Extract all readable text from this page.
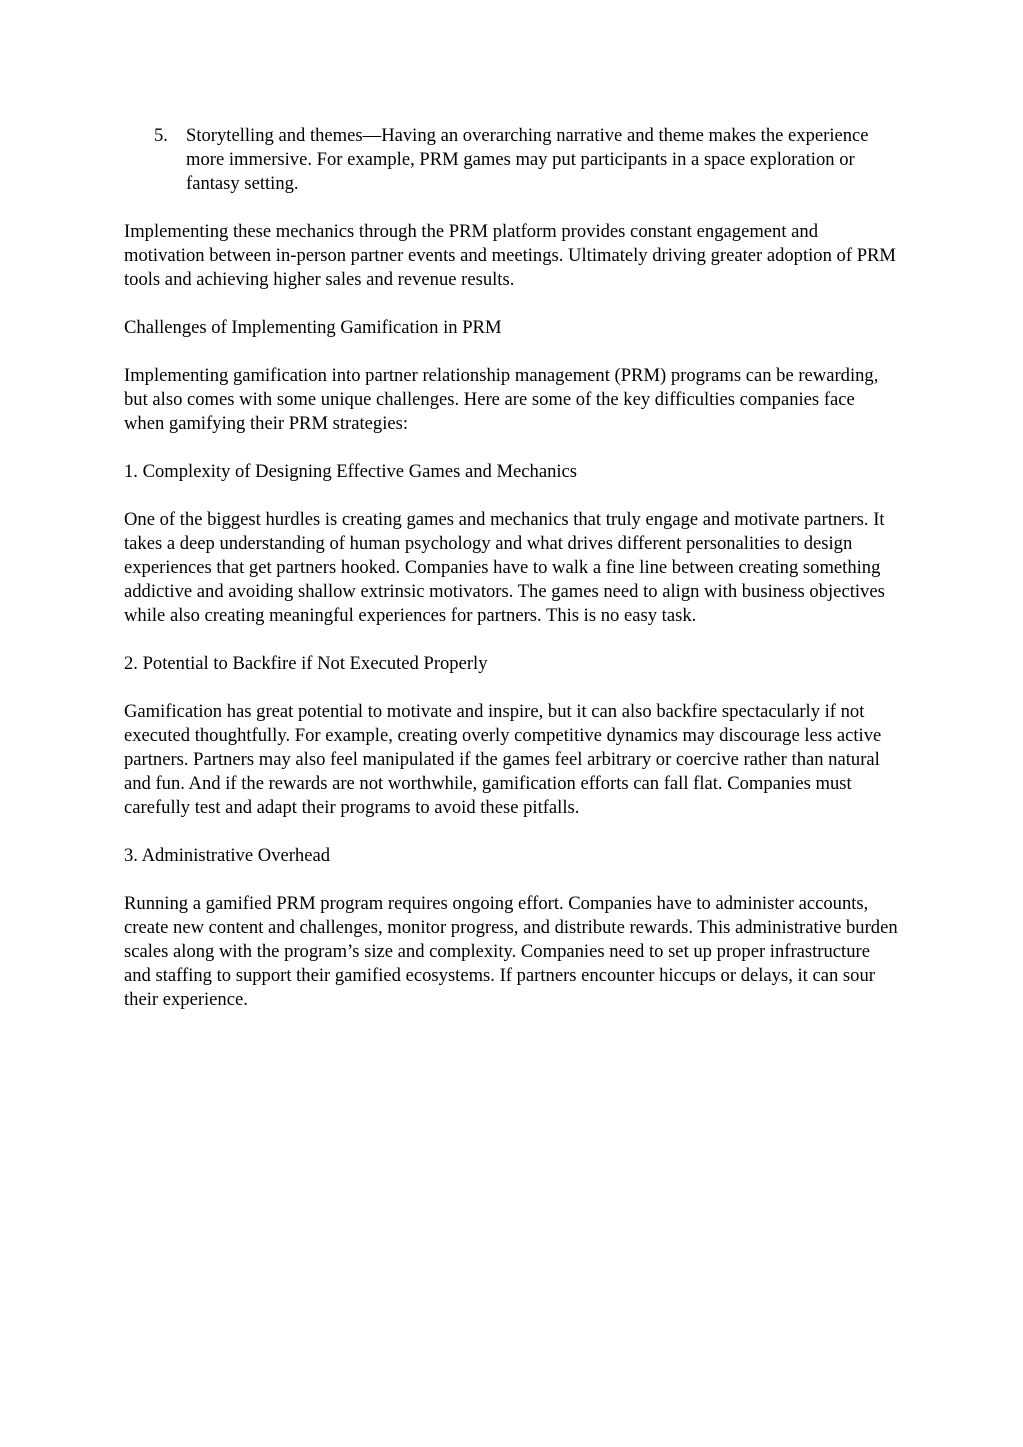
5. Storytelling and themes—Having an overarching narrative and theme makes the experience more immersive. For example, PRM games may put participants in a space exploration or fantasy setting.

Implementing these mechanics through the PRM platform provides constant engagement and motivation between in-person partner events and meetings. Ultimately driving greater adoption of PRM tools and achieving higher sales and revenue results.

Challenges of Implementing Gamification in PRM

Implementing gamification into partner relationship management (PRM) programs can be rewarding, but also comes with some unique challenges. Here are some of the key difficulties companies face when gamifying their PRM strategies:

1. Complexity of Designing Effective Games and Mechanics

One of the biggest hurdles is creating games and mechanics that truly engage and motivate partners. It takes a deep understanding of human psychology and what drives different personalities to design experiences that get partners hooked. Companies have to walk a fine line between creating something addictive and avoiding shallow extrinsic motivators. The games need to align with business objectives while also creating meaningful experiences for partners. This is no easy task.

2. Potential to Backfire if Not Executed Properly

Gamification has great potential to motivate and inspire, but it can also backfire spectacularly if not executed thoughtfully. For example, creating overly competitive dynamics may discourage less active partners. Partners may also feel manipulated if the games feel arbitrary or coercive rather than natural and fun. And if the rewards are not worthwhile, gamification efforts can fall flat. Companies must carefully test and adapt their programs to avoid these pitfalls.

3. Administrative Overhead

Running a gamified PRM program requires ongoing effort. Companies have to administer accounts, create new content and challenges, monitor progress, and distribute rewards. This administrative burden scales along with the program’s size and complexity. Companies need to set up proper infrastructure and staffing to support their gamified ecosystems. If partners encounter hiccups or delays, it can sour their experience.
